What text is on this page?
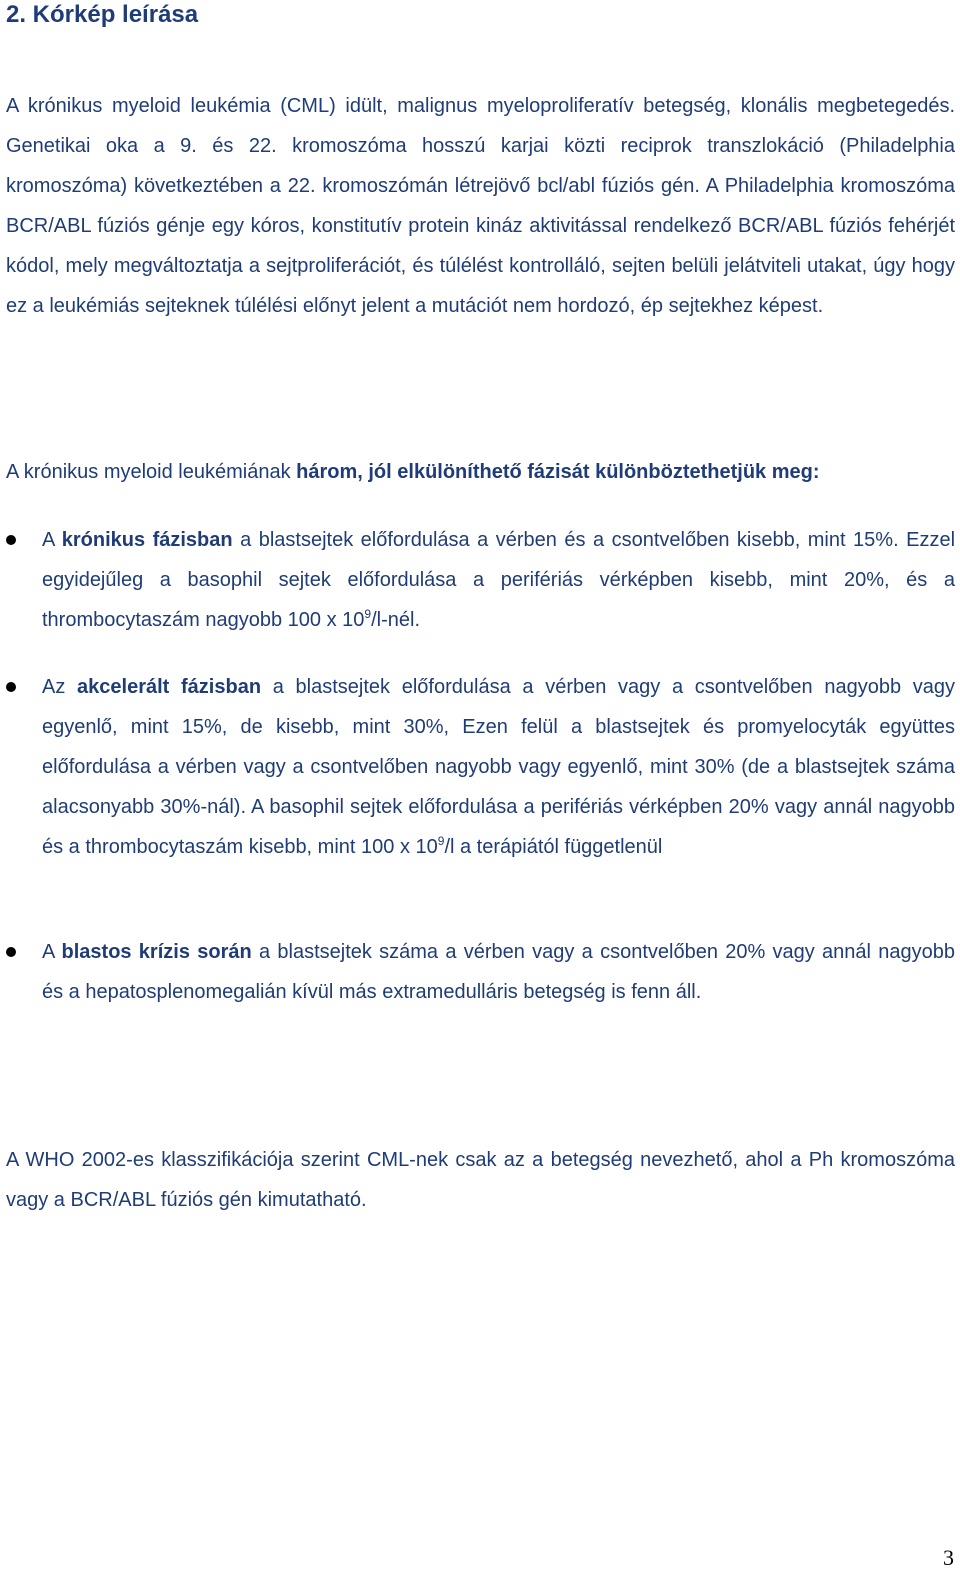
2. Kórkép leírása

A krónikus myeloid leukémia (CML) idült, malignus myeloproliferatív betegség, klonális megbetegedés. Genetikai oka a 9. és 22. kromoszóma hosszú karjai közti reciprok transzlokáció (Philadelphia kromoszóma) következtében a 22. kromoszómán létrejövő bcl/abl fúziós gén. A Philadelphia kromoszóma BCR/ABL fúziós génje egy kóros, konstitutív protein kináz aktivitással rendelkező BCR/ABL fúziós fehérjét kódol, mely megváltoztatja a sejtproliferációt, és túlélést kontrolláló, sejten belüli jelátviteli utakat, úgy hogy ez a leukémiás sejteknek túlélési előnyt jelent a mutációt nem hordozó, ép sejtekhez képest.

A krónikus myeloid leukémiának három, jól elkülöníthető fázisát különböztethetjük meg:

A krónikus fázisban a blastsejtek előfordulása a vérben és a csontvelőben kisebb, mint 15%. Ezzel egyidejűleg a basophil sejtek előfordulása a perifériás vérképben kisebb, mint 20%, és a thrombocytaszám nagyobb 100 x $10^9/l$-nél.

Az akcelerált fázisban a blastsejtek előfordulása a vérben vagy a csontvelőben nagyobb vagy egyenlő, mint 15%, de kisebb, mint 30%, Ezen felül a blastsejtek és promyelocyták együttes előfordulása a vérben vagy a csontvelőben nagyobb vagy egyenlő, mint 30% (de a blastsejtek száma alacsonyabb 30%-nál). A basophil sejtek előfordulása a perifériás vérképben 20% vagy annál nagyobb és a thrombocytaszám kisebb, mint 100 x $10^9/l$ a terápiától függetlenül

A blastos krízis során a blastsejtek száma a vérben vagy a csontvelőben 20% vagy annál nagyobb és a hepatosplenomegalián kívül más extramedulláris betegség is fenn áll.

A WHO 2002-es klasszifikációja szerint CML-nek csak az a betegség nevezhető, ahol a Ph kromoszóma vagy a BCR/ABL fúziós gén kimutatható.

3
